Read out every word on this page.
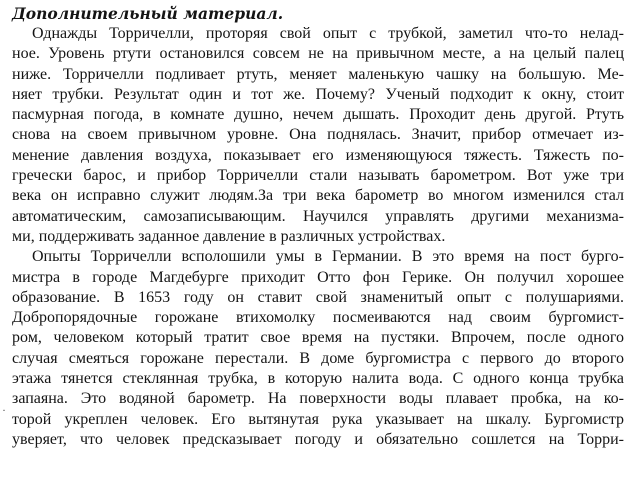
Дополнительный материал.
Однажды Торричелли, проторяя свой опыт с трубкой, заметил что-то нелад-
ное. Уровень ртути остановился совсем не на привычном месте, а на целый палец
ниже. Торричелли подливает ртуть, меняет маленькую чашку на большую. Ме-
няет трубки. Результат один и тот же. Почему? Ученый подходит к окну, стоит
пасмурная погода, в комнате душно, нечем дышать. Проходит день другой. Ртуть
снова на своем привычном уровне. Она поднялась. Значит, прибор отмечает из-
менение давления воздуха, показывает его изменяющуюся тяжесть. Тяжесть по-
гречески барос, и прибор Торричелли стали называть барометром. Вот уже три
века он исправно служит людям.За три века барометр во многом изменился стал
автоматическим, самозаписывающим. Научился управлять другими механизма-
ми, поддерживать заданное давление в различных устройствах.
Опыты Торричелли всполошили умы в Германии. В это время на пост бурго-
мистра в городе Магдебурге приходит Отто фон Герике. Он получил хорошее
образование. В 1653 году он ставит свой знаменитый опыт с полушариями.
Добропорядочные горожане втихомолку посмеиваются над своим бургомист-
ром, человеком который тратит свое время на пустяки. Впрочем, после одного
случая смеяться горожане перестали. В доме бургомистра с первого до второго
этажа тянется стеклянная трубка, в которую налита вода. С одного конца трубка
запаяна. Это водяной барометр. На поверхности воды плавает пробка, на ко-
торой укреплен человек. Его вытянутая рука указывает на шкалу. Бургомистр
уверяет, что человек предсказывает погоду и обязательно сошлется на Торри-
·
